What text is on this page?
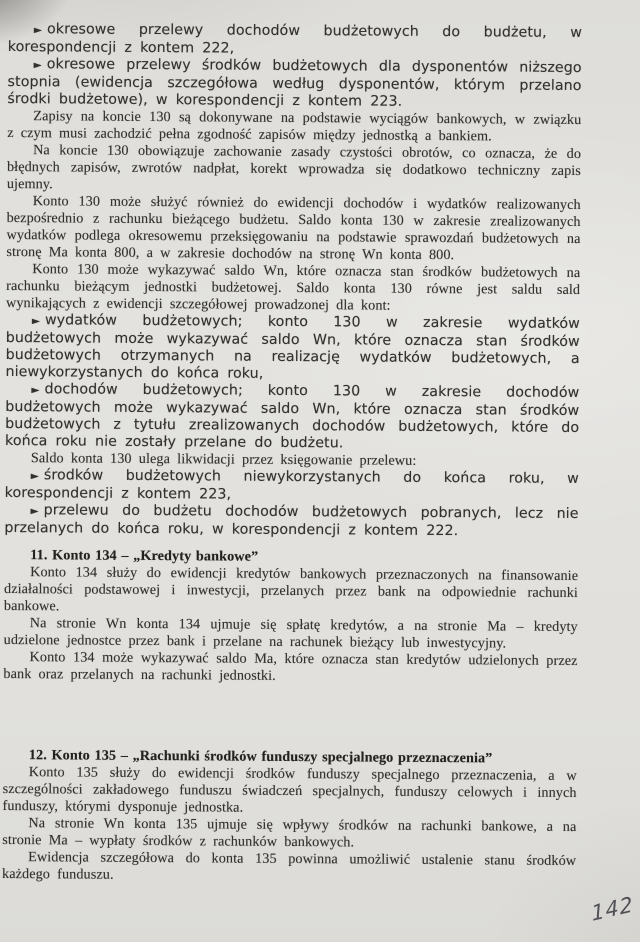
► okresowe przelewy dochodów budżetowych do budżetu, w korespondencji z kontem 222,

► okresowe przelewy środków budżetowych dla dysponentów niższego stopnia (ewidencja szczegółowa według dysponentów, którym przelano środki budżetowe), w korespondencji z kontem 223.

Zapisy na koncie 130 są dokonywane na podstawie wyciągów bankowych, w związku z czym musi zachodzić pełna zgodność zapisów między jednostką a bankiem.

Na koncie 130 obowiązuje zachowanie zasady czystości obrotów, co oznacza, że do błędnych zapisów, zwrotów nadpłat, korekt wprowadza się dodatkowo techniczny zapis ujemny.

Konto 130 może służyć również do ewidencji dochodów i wydatków realizowanych bezpośrednio z rachunku bieżącego budżetu. Saldo konta 130 w zakresie zrealizowanych wydatków podlega okresowemu przeksięgowaniu na podstawie sprawozdań budżetowych na stronę Ma konta 800, a w zakresie dochodów na stronę Wn konta 800.

Konto 130 może wykazywać saldo Wn, które oznacza stan środków budżetowych na rachunku bieżącym jednostki budżetowej. Saldo konta 130 równe jest saldu sald wynikających z ewidencji szczegółowej prowadzonej dla kont:

► wydatków budżetowych; konto 130 w zakresie wydatków budżetowych może wykazywać saldo Wn, które oznacza stan środków budżetowych otrzymanych na realizację wydatków budżetowych, a niewykorzystanych do końca roku,

► dochodów budżetowych; konto 130 w zakresie dochodów budżetowych może wykazywać saldo Wn, które oznacza stan środków budżetowych z tytułu zrealizowanych dochodów budżetowych, które do końca roku nie zostały przelane do budżetu.

Saldo konta 130 ulega likwidacji przez księgowanie przelewu:

► środków budżetowych niewykorzystanych do końca roku, w korespondencji z kontem 223,

► przelewu do budżetu dochodów budżetowych pobranych, lecz nie przelanych do końca roku, w korespondencji z kontem 222.

11. Konto 134 – „Kredyty bankowe”

Konto 134 służy do ewidencji kredytów bankowych przeznaczonych na finansowanie działalności podstawowej i inwestycji, przelanych przez bank na odpowiednie rachunki bankowe.

Na stronie Wn konta 134 ujmuje się spłatę kredytów, a na stronie Ma – kredyty udzielone jednostce przez bank i przelane na rachunek bieżący lub inwestycyjny.

Konto 134 może wykazywać saldo Ma, które oznacza stan kredytów udzielonych przez bank oraz przelanych na rachunki jednostki.

12. Konto 135 – „Rachunki środków funduszy specjalnego przeznaczenia”

Konto 135 służy do ewidencji środków funduszy specjalnego przeznaczenia, a w szczególności zakładowego funduszu świadczeń specjalnych, funduszy celowych i innych funduszy, którymi dysponuje jednostka.

Na stronie Wn konta 135 ujmuje się wpływy środków na rachunki bankowe, a na stronie Ma – wypłaty środków z rachunków bankowych.

Ewidencja szczegółowa do konta 135 powinna umożliwić ustalenie stanu środków każdego funduszu.

142
